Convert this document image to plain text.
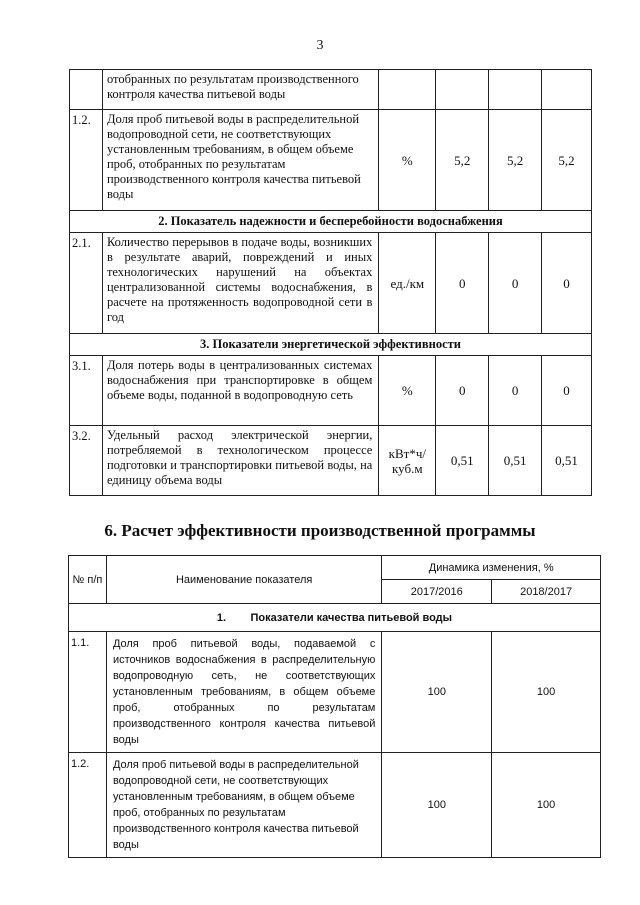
3
	отобранных по результатам производственного контроля качества питьевой воды				
1.2.	Доля проб питьевой воды в распределительной водопроводной сети, не соответствующих установленным требованиям, в общем объеме проб, отобранных по результатам производственного контроля качества питьевой воды	%	5,2	5,2	5,2
2. Показатель надежности и бесперебойности водоснабжения					
2.1.	Количество перерывов в подаче воды, возникших в результате аварий, повреждений и иных технологических нарушений на объектах централизованной системы водоснабжения, в расчете на протяженность водопроводной сети в год	ед./км	0	0	0
3. Показатели энергетической эффективности					
3.1.	Доля потерь воды в централизованных системах водоснабжения при транспортировке в общем объеме воды, поданной в водопроводную сеть	%	0	0	0
3.2.	Удельный расход электрической энергии, потребляемой в технологическом процессе подготовки и транспортировки питьевой воды, на единицу объема воды	кВт*ч/ куб.м	0,51	0,51	0,51
6. Расчет эффективности производственной программы
№ п/п	Наименование показателя	Динамика изменения, %	
		2017/2016	2018/2017
1.        Показатели качества питьевой воды			
1.1.	Доля проб питьевой воды, подаваемой с источников водоснабжения в распределительную водопроводную сеть, не соответствующих установленным требованиям, в общем объеме проб, отобранных по результатам производственного контроля качества питьевой воды	100	100
1.2.	Доля проб питьевой воды в распределительной водопроводной сети, не соответствующих установленным требованиям, в общем объеме проб, отобранных по результатам производственного контроля качества питьевой воды	100	100
